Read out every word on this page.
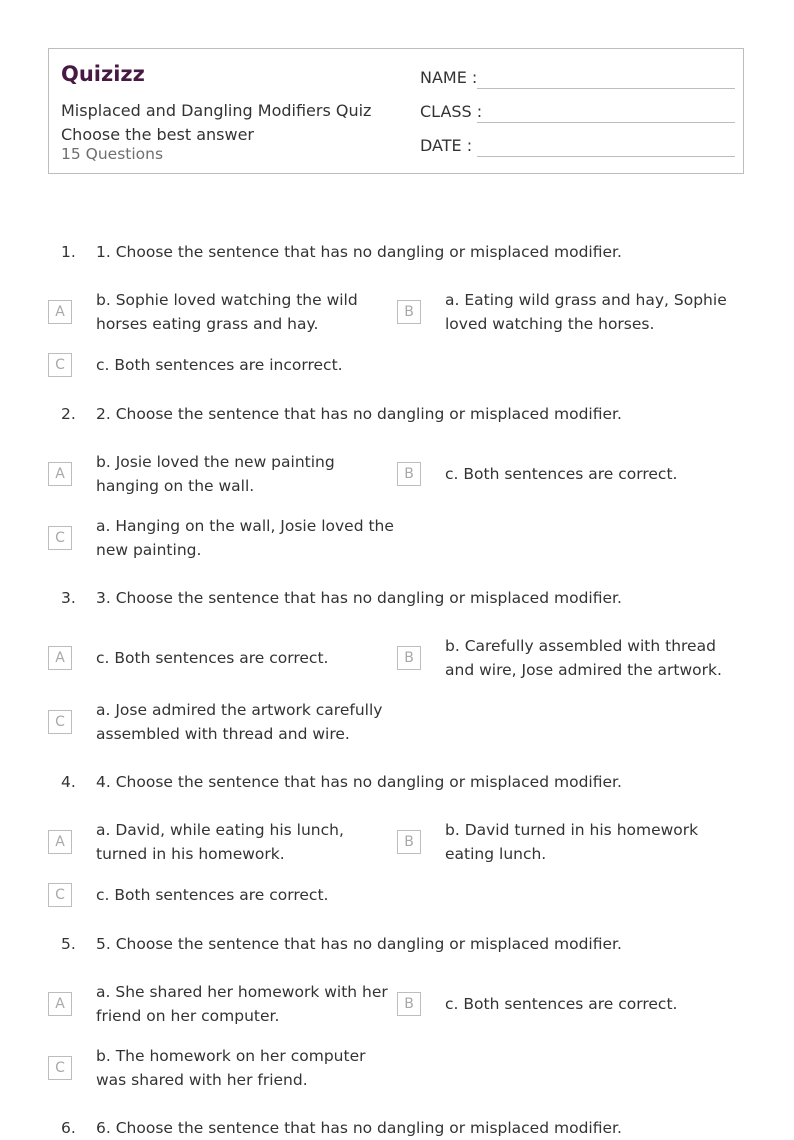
Quizizz
Misplaced and Dangling Modifiers Quiz Choose the best answer
15 Questions
NAME :
CLASS :
DATE :
1. 1. Choose the sentence that has no dangling or misplaced modifier.
A
b. Sophie loved watching the wild horses eating grass and hay.
B
a. Eating wild grass and hay, Sophie loved watching the horses.
C	c. Both sentences are incorrect.
2. 2. Choose the sentence that has no dangling or misplaced modifier.
A
b. Josie loved the new painting hanging on the wall.
B	c. Both sentences are correct.
C
a. Hanging on the wall, Josie loved the new painting.
3. 3. Choose the sentence that has no dangling or misplaced modifier.
A	c. Both sentences are correct.	B
b. Carefully assembled with thread and wire, Jose admired the artwork.
C
a. Jose admired the artwork carefully assembled with thread and wire.
4. 4. Choose the sentence that has no dangling or misplaced modifier.
A
a. David, while eating his lunch, turned in his homework.
B
b. David turned in his homework eating lunch.
C	c. Both sentences are correct.
5. 5. Choose the sentence that has no dangling or misplaced modifier.
A
a. She shared her homework with her friend on her computer.
B	c. Both sentences are correct.
C
b. The homework on her computer was shared with her friend.
6. 6. Choose the sentence that has no dangling or misplaced modifier.
